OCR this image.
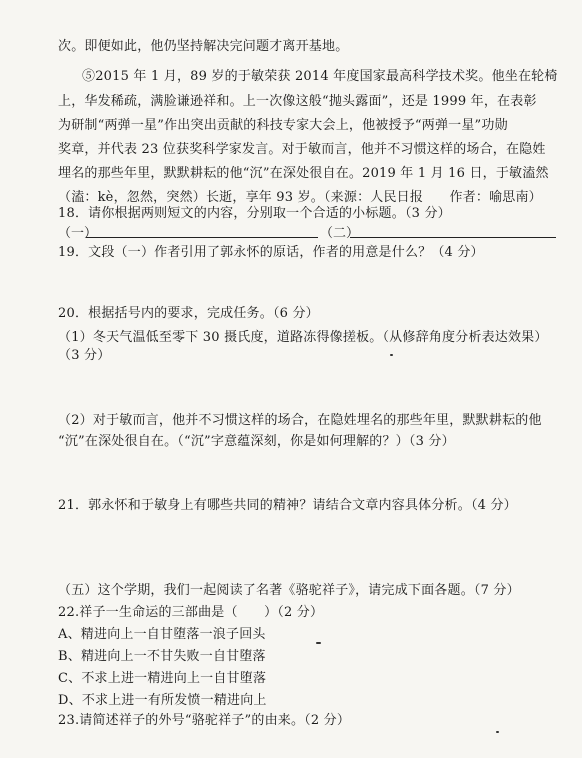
次。即便如此，他仍坚持解决完问题才离开基地。
⑤2015 年 1 月，89 岁的于敏荣获 2014 年度国家最高科学技术奖。他坐在轮椅
上，华发稀疏，满脸谦逊祥和。上一次像这般“抛头露面”，还是 1999 年，在表彰
为研制“两弹一星”作出突出贡献的科技专家大会上，他被授予“两弹一星”功勋
奖章，并代表 23 位获奖科学家发言。对于敏而言，他并不习惯这样的场合，在隐姓
埋名的那些年里，默默耕耘的他“沉”在深处很自在。2019 年 1 月 16 日，于敏溘然
（溘：kè，忽然，突然）长逝，享年 93 岁。（来源：人民日报　　作者：喻思南）
18．请你根据两则短文的内容，分别取一个合适的小标题。（3 分）
（一）	（二）
19．文段（一）作者引用了郭永怀的原话，作者的用意是什么？（4 分）
20．根据括号内的要求，完成任务。（6 分）
（1）冬天气温低至零下 30 摄氏度，道路冻得像搓板。（从修辞角度分析表达效果）
（3 分）
（2）对于敏而言，他并不习惯这样的场合，在隐姓埋名的那些年里，默默耕耘的他
“沉”在深处很自在。（“沉”字意蕴深刻，你是如何理解的？）（3 分）
21．郭永怀和于敏身上有哪些共同的精神？请结合文章内容具体分析。（4 分）
（五）这个学期，我们一起阅读了名著《骆驼祥子》，请完成下面各题。（7 分）
22.祥子一生命运的三部曲是（　　）（2 分）
A、精进向上一自甘堕落一浪子回头
B、精进向上一不甘失败一自甘堕落
C、不求上进一精进向上一自甘堕落
D、不求上进一有所发愤一精进向上
23.请简述祥子的外号“骆驼祥子”的由来。（2 分）
